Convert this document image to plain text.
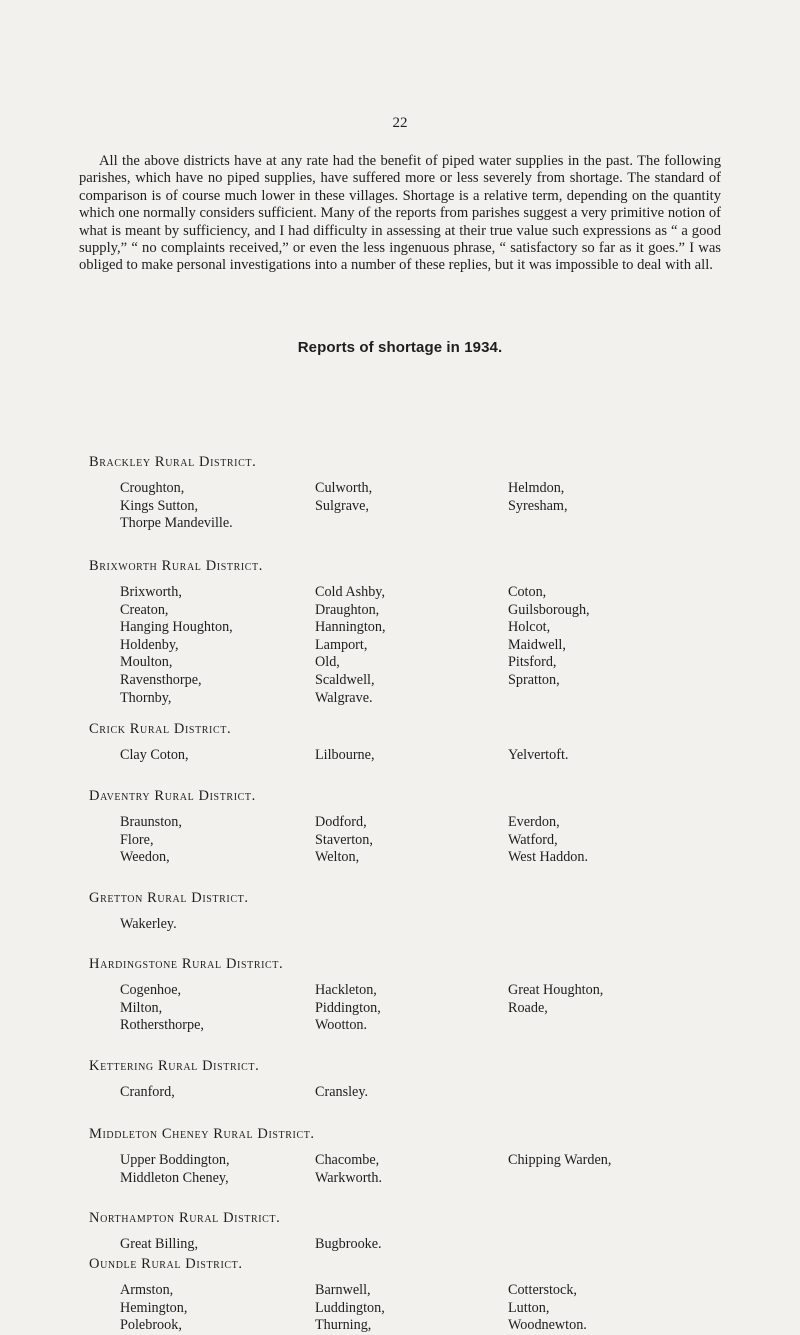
22

All the above districts have at any rate had the benefit of piped water supplies in the past. The following parishes, which have no piped supplies, have suffered more or less severely from shortage. The standard of comparison is of course much lower in these villages. Shortage is a relative term, depending on the quantity which one normally considers sufficient. Many of the reports from parishes suggest a very primitive notion of what is meant by sufficiency, and I had difficulty in assessing at their true value such expressions as “ a good supply,” “ no complaints received,” or even the less ingenuous phrase, “ satisfactory so far as it goes.” I was obliged to make personal investigations into a number of these replies, but it was impossible to deal with all.

Reports of shortage in 1934.
Brackley Rural District.
Croughton,	Culworth,	Helmdon,
Kings Sutton,	Sulgrave,	Syresham,
Thorpe Mandeville.
Brixworth Rural District.
Brixworth,	Cold Ashby,	Coton,
Creaton,	Draughton,	Guilsborough,
Hanging Houghton,	Hannington,	Holcot,
Holdenby,	Lamport,	Maidwell,
Moulton,	Old,	Pitsford,
Ravensthorpe,	Scaldwell,	Spratton,
Thornby,	Walgrave.
Crick Rural District.
Clay Coton,	Lilbourne,	Yelvertoft.
Daventry Rural District.
Braunston,	Dodford,	Everdon,
Flore,	Staverton,	Watford,
Weedon,	Welton,	West Haddon.
Gretton Rural District.
Wakerley.
Hardingstone Rural District.
Cogenhoe,	Hackleton,	Great Houghton,
Milton,	Piddington,	Roade,
Rothersthorpe,	Wootton.
Kettering Rural District.
Cranford,	Cransley.
Middleton Cheney Rural District.
Upper Boddington,	Chacombe,	Chipping Warden,
Middleton Cheney,	Warkworth.
Northampton Rural District.
Great Billing,	Bugbrooke.
Oundle Rural District.
Armston,	Barnwell,	Cotterstock,
Hemington,	Luddington,	Lutton,
Polebrook,	Thurning,	Woodnewton.
